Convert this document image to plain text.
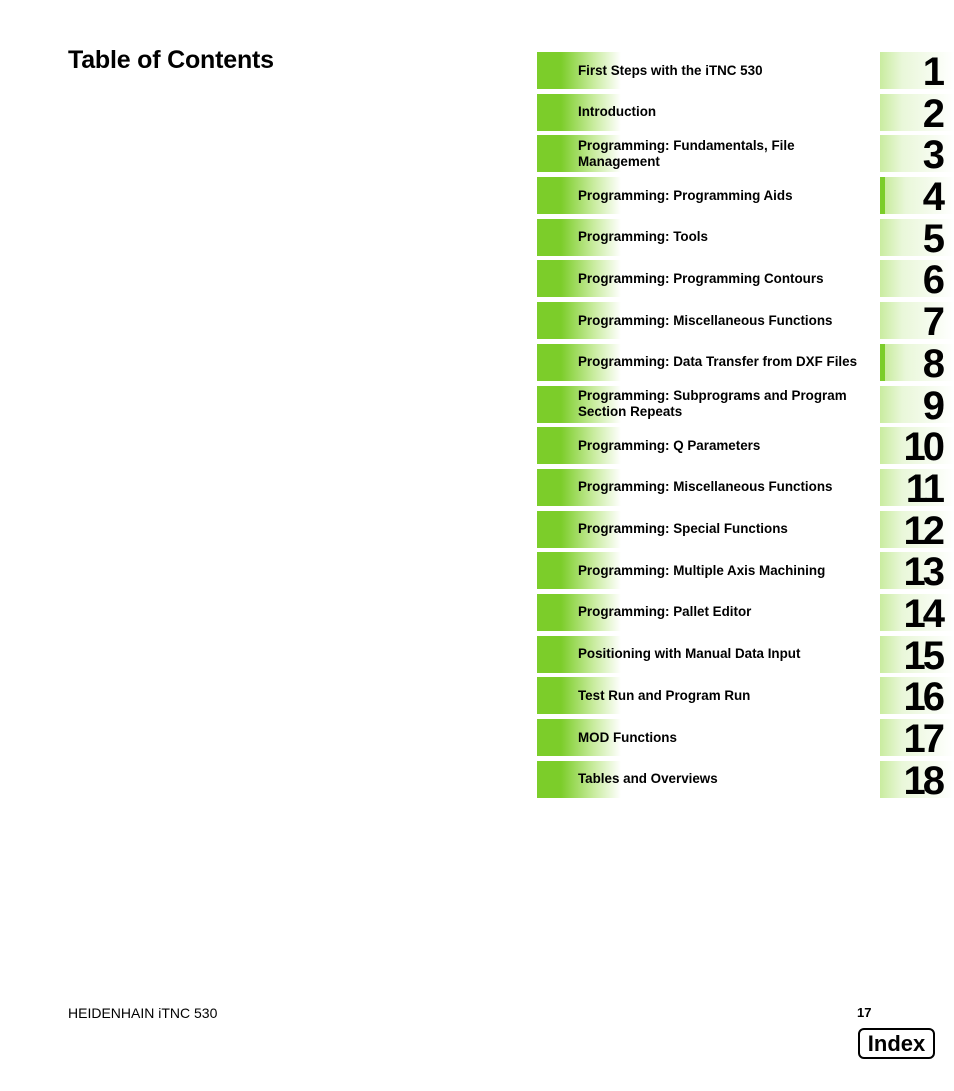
Table of Contents	First Steps with the iTNC 530	1
Introduction	2
Programming: Fundamentals, File Management	3
Programming: Programming Aids	4
Programming: Tools	5
Programming: Programming Contours	6
Programming: Miscellaneous Functions	7
Programming: Data Transfer from DXF Files	8
Programming: Subprograms and Program Section Repeats	9
Programming: Q Parameters	10
Programming: Miscellaneous Functions	11
Programming: Special Functions	12
Programming: Multiple Axis Machining	13
Programming: Pallet Editor	14
Positioning with Manual Data Input	15
Test Run and Program Run	16
MOD Functions	17
Tables and Overviews	18
HEIDENHAIN iTNC 530	17
Index
